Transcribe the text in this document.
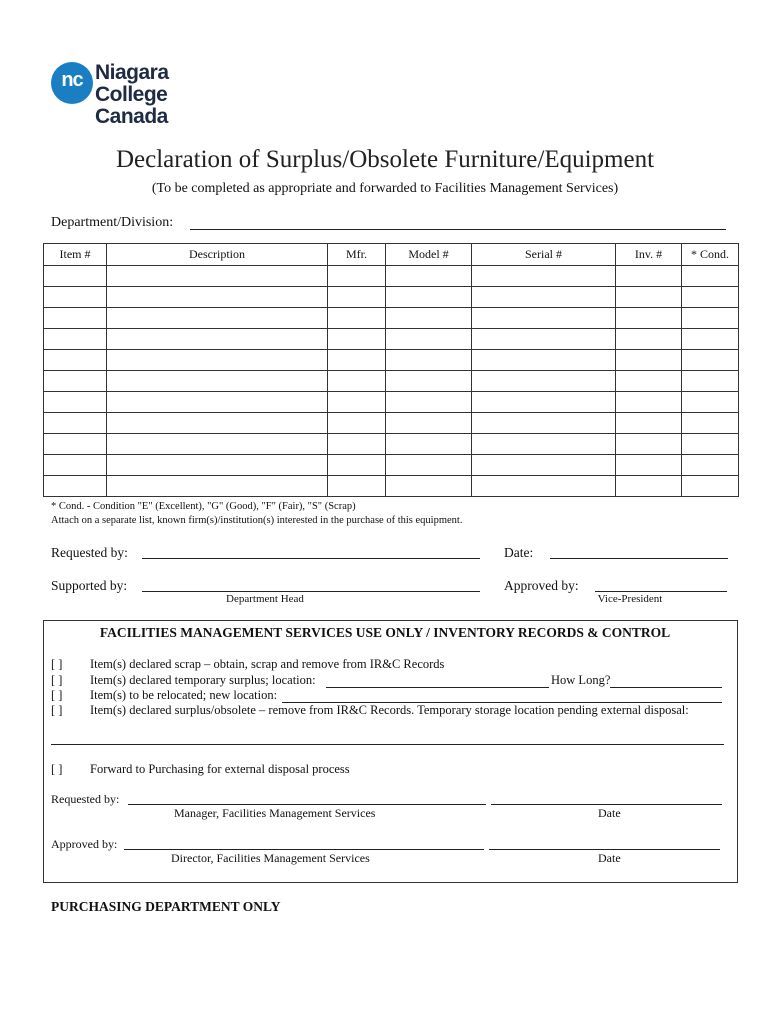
nc Niagara
College
Canada
Declaration of Surplus/Obsolete Furniture/Equipment
(To be completed as appropriate and forwarded to Facilities Management Services)
Department/Division:
Item #	Description	Mfr.	Model #	Serial #	Inv. #	* Cond.

* Cond. - Condition "E" (Excellent), "G" (Good), "F" (Fair), "S" (Scrap)
Attach on a separate list, known firm(s)/institution(s) interested in the purchase of this equipment.
Requested by:	Date:
Supported by:	Approved by:
Department Head	Vice-President
FACILITIES MANAGEMENT SERVICES USE ONLY / INVENTORY RECORDS & CONTROL
[ ] Item(s) declared scrap – obtain, scrap and remove from IR&C Records
[ ] Item(s) declared temporary surplus; location:	How Long?
[ ] Item(s) to be relocated; new location:
[ ] Item(s) declared surplus/obsolete – remove from IR&C Records. Temporary storage location pending external disposal:
[ ] Forward to Purchasing for external disposal process
Requested by:
Manager, Facilities Management Services	Date
Approved by:
Director, Facilities Management Services	Date
PURCHASING DEPARTMENT ONLY
